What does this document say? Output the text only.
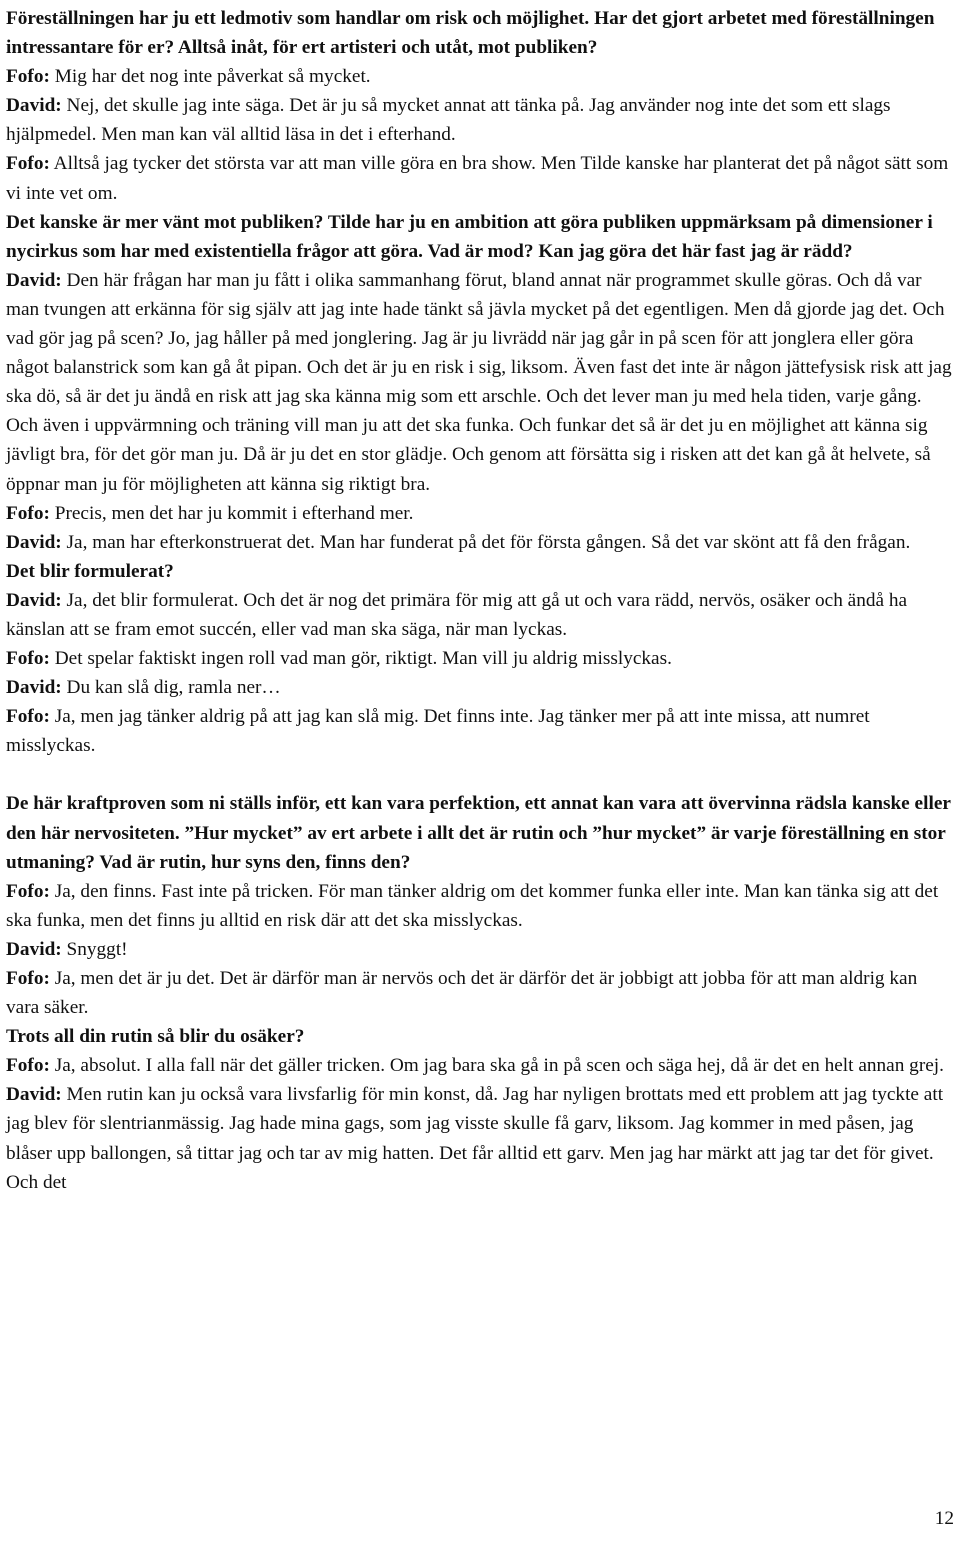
Föreställningen har ju ett ledmotiv som handlar om risk och möjlighet. Har det gjort arbetet med föreställningen intressantare för er? Alltså inåt, för ert artisteri och utåt, mot publiken?

Fofo: Mig har det nog inte påverkat så mycket.

David: Nej, det skulle jag inte säga. Det är ju så mycket annat att tänka på. Jag använder nog inte det som ett slags hjälpmedel. Men man kan väl alltid läsa in det i efterhand.

Fofo: Alltså jag tycker det största var att man ville göra en bra show. Men Tilde kanske har planterat det på något sätt som vi inte vet om.

Det kanske är mer vänt mot publiken? Tilde har ju en ambition att göra publiken uppmärksam på dimensioner i nycirkus som har med existentiella frågor att göra. Vad är mod? Kan jag göra det här fast jag är rädd?

David: Den här frågan har man ju fått i olika sammanhang förut, bland annat när programmet skulle göras. Och då var man tvungen att erkänna för sig själv att jag inte hade tänkt så jävla mycket på det egentligen. Men då gjorde jag det. Och vad gör jag på scen? Jo, jag håller på med jonglering. Jag är ju livrädd när jag går in på scen för att jonglera eller göra något balanstrick som kan gå åt pipan. Och det är ju en risk i sig, liksom. Även fast det inte är någon jättefysisk risk att jag ska dö, så är det ju ändå en risk att jag ska känna mig som ett arschle. Och det lever man ju med hela tiden, varje gång. Och även i uppvärmning och träning vill man ju att det ska funka. Och funkar det så är det ju en möjlighet att känna sig jävligt bra, för det gör man ju. Då är ju det en stor glädje. Och genom att försätta sig i risken att det kan gå åt helvete, så öppnar man ju för möjligheten att känna sig riktigt bra.

Fofo: Precis, men det har ju kommit i efterhand mer.

David: Ja, man har efterkonstruerat det. Man har funderat på det för första gången. Så det var skönt att få den frågan.

Det blir formulerat?

David: Ja, det blir formulerat. Och det är nog det primära för mig att gå ut och vara rädd, nervös, osäker och ändå ha känslan att se fram emot succén, eller vad man ska säga, när man lyckas.

Fofo: Det spelar faktiskt ingen roll vad man gör, riktigt. Man vill ju aldrig misslyckas.

David: Du kan slå dig, ramla ner…

Fofo: Ja, men jag tänker aldrig på att jag kan slå mig. Det finns inte. Jag tänker mer på att inte missa, att numret misslyckas.

De här kraftproven som ni ställs inför, ett kan vara perfektion, ett annat kan vara att övervinna rädsla kanske eller den här nervositeten. ”Hur mycket” av ert arbete i allt det är rutin och ”hur mycket” är varje föreställning en stor utmaning? Vad är rutin, hur syns den, finns den?

Fofo: Ja, den finns. Fast inte på tricken. För man tänker aldrig om det kommer funka eller inte. Man kan tänka sig att det ska funka, men det finns ju alltid en risk där att det ska misslyckas.

David: Snyggt!

Fofo: Ja, men det är ju det. Det är därför man är nervös och det är därför det är jobbigt att jobba för att man aldrig kan vara säker.

Trots all din rutin så blir du osäker?

Fofo: Ja, absolut. I alla fall när det gäller tricken. Om jag bara ska gå in på scen och säga hej, då är det en helt annan grej.

David: Men rutin kan ju också vara livsfarlig för min konst, då. Jag har nyligen brottats med ett problem att jag tyckte att jag blev för slentrianmässig. Jag hade mina gags, som jag visste skulle få garv, liksom. Jag kommer in med påsen, jag blåser upp ballongen, så tittar jag och tar av mig hatten. Det får alltid ett garv. Men jag har märkt att jag tar det för givet. Och det

12
